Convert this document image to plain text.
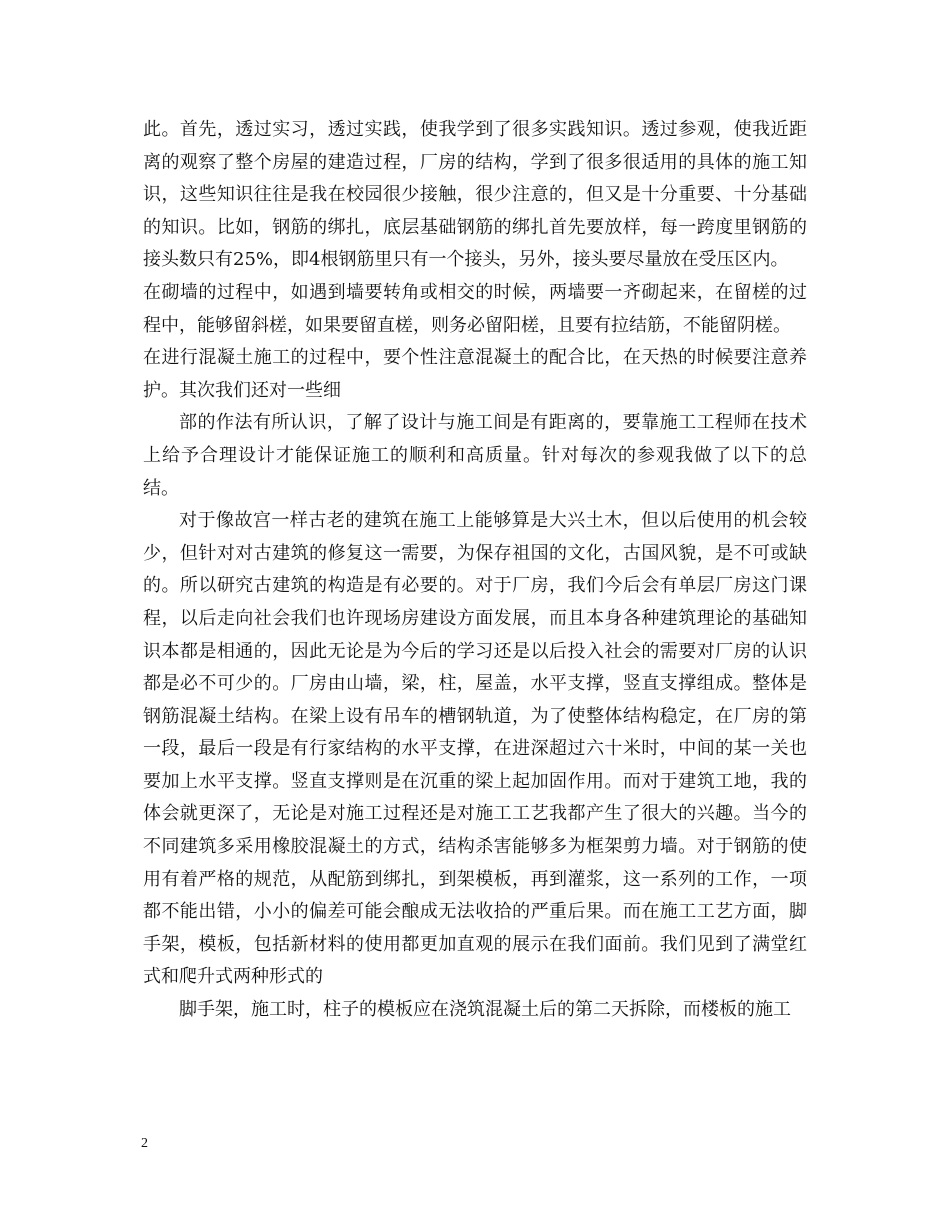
此。首先，透过实习，透过实践，使我学到了很多实践知识。透过参观，使我近距离的观察了整个房屋的建造过程，厂房的结构，学到了很多很适用的具体的施工知识，这些知识往往是我在校园很少接触，很少注意的，但又是十分重要、十分基础的知识。比如，钢筋的绑扎，底层基础钢筋的绑扎首先要放样，每一跨度里钢筋的接头数只有25%，即4根钢筋里只有一个接头，另外，接头要尽量放在受压区内。

在砌墙的过程中，如遇到墙要转角或相交的时候，两墙要一齐砌起来，在留槎的过程中，能够留斜槎，如果要留直槎，则务必留阳槎，且要有拉结筋，不能留阴槎。

在进行混凝土施工的过程中，要个性注意混凝土的配合比，在天热的时候要注意养护。其次我们还对一些细

部的作法有所认识，了解了设计与施工间是有距离的，要靠施工工程师在技术上给予合理设计才能保证施工的顺利和高质量。针对每次的参观我做了以下的总结。

对于像故宫一样古老的建筑在施工上能够算是大兴土木，但以后使用的机会较少，但针对对古建筑的修复这一需要，为保存祖国的文化，古国风貌，是不可或缺的。所以研究古建筑的构造是有必要的。对于厂房，我们今后会有单层厂房这门课程，以后走向社会我们也许现场房建设方面发展，而且本身各种建筑理论的基础知识本都是相通的，因此无论是为今后的学习还是以后投入社会的需要对厂房的认识都是必不可少的。厂房由山墙，梁，柱，屋盖，水平支撑，竖直支撑组成。整体是钢筋混凝土结构。在梁上设有吊车的槽钢轨道，为了使整体结构稳定，在厂房的第一段，最后一段是有行家结构的水平支撑，在进深超过六十米时，中间的某一关也要加上水平支撑。竖直支撑则是在沉重的梁上起加固作用。而对于建筑工地，我的体会就更深了，无论是对施工过程还是对施工工艺我都产生了很大的兴趣。当今的不同建筑多采用橡胶混凝土的方式，结构杀害能够多为框架剪力墙。对于钢筋的使用有着严格的规范，从配筋到绑扎，到架模板，再到灌浆，这一系列的工作，一项都不能出错，小小的偏差可能会酿成无法收拾的严重后果。而在施工工艺方面，脚手架，模板，包括新材料的使用都更加直观的展示在我们面前。我们见到了满堂红式和爬升式两种形式的

脚手架，施工时，柱子的模板应在浇筑混凝土后的第二天拆除，而楼板的施工

2
